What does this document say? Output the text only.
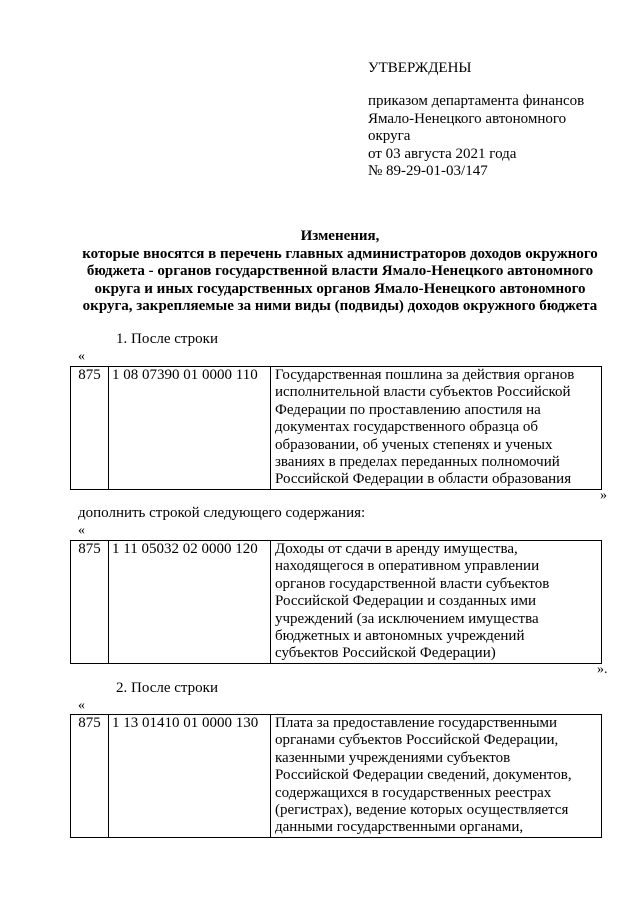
УТВЕРЖДЕНЫ
приказом департамента финансов
Ямало-Ненецкого автономного
округа
от 03 августа 2021 года
№ 89-29-01-03/147
Изменения,
которые вносятся в перечень главных администраторов доходов окружного
бюджета - органов государственной власти Ямало-Ненецкого автономного
округа и иных государственных органов Ямало-Ненецкого автономного
округа, закрепляемые за ними виды (подвиды) доходов окружного бюджета
1. После строки
«
875	1 08 07390 01 0000 110	Государственная пошлина за действия органов
исполнительной власти субъектов Российской
Федерации по проставлению апостиля на
документах государственного образца об
образовании, об ученых степенях и ученых
званиях в пределах переданных полномочий
Российской Федерации в области образования
»
дополнить строкой следующего содержания:
«
875	1 11 05032 02 0000 120	Доходы от сдачи в аренду имущества,
находящегося в оперативном управлении
органов государственной власти субъектов
Российской Федерации и созданных ими
учреждений (за исключением имущества
бюджетных и автономных учреждений
субъектов Российской Федерации)
».
2. После строки
«
875	1 13 01410 01 0000 130	Плата за предоставление государственными
органами субъектов Российской Федерации,
казенными учреждениями субъектов
Российской Федерации сведений, документов,
содержащихся в государственных реестрах
(регистрах), ведение которых осуществляется
данными государственными органами,
